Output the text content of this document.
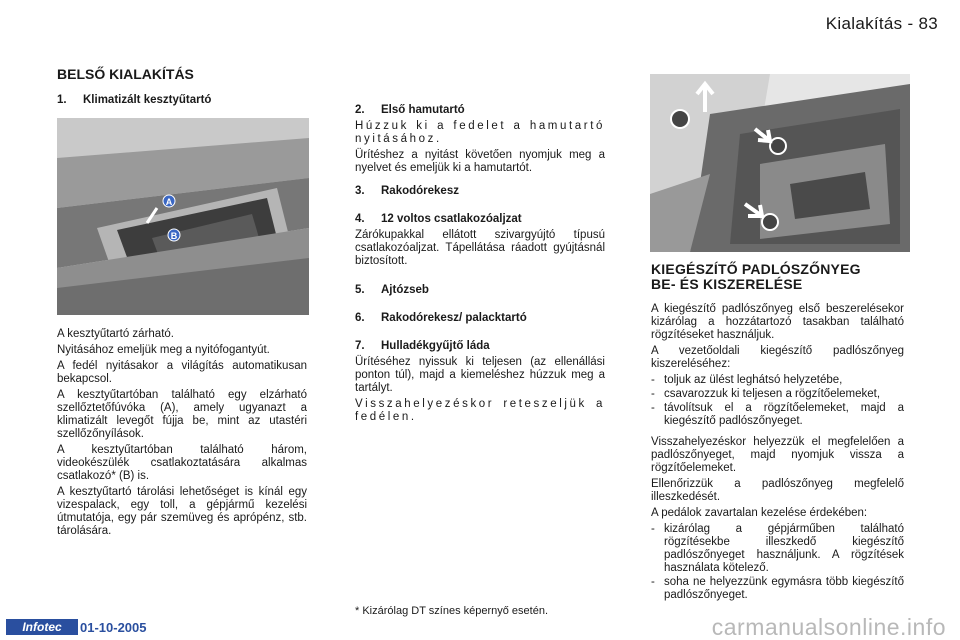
Kialakítás - 83
BELSŐ KIALAKÍTÁS
1. Klimatizált kesztyűtartó
A
B

A kesztyűtartó zárható.

Nyitásához emeljük meg a nyitófogantyút.

A fedél nyitásakor a világítás automatikusan bekapcsol.

A kesztyűtartóban található egy elzárható szellőztetőfúvóka (A), amely ugyanazt a klimatizált levegőt fújja be, mint az utastéri szellőzőnyílások.

A kesztyűtartóban található három, videokészülék csatlakoztatására alkalmas csatlakozó* (B) is.

A kesztyűtartó tárolási lehetőséget is kínál egy vizespalack, egy toll, a gépjármű kezelési útmutatója, egy pár szemüveg és aprópénz, stb. tárolására.

2. Első hamutartó

Húzzuk ki a fedelet a hamutartó nyitásához.

Ürítéshez a nyitást követően nyomjuk meg a nyelvet és emeljük ki a hamutartót.

3. Rakodórekesz
4. 12 voltos csatlakozóaljzat

Zárókupakkal ellátott szivargyújtó típusú csatlakozóaljzat. Tápellátása ráadott gyújtásnál biztosított.

5. Ajtózseb
6. Rakodórekesz/ palacktartó
7. Hulladékgyűjtő láda

Ürítéséhez nyissuk ki teljesen (az ellenállási ponton túl), majd a kiemeléshez húzzuk meg a tartályt.

Visszahelyezéskor reteszeljük a fedélen.

* Kizárólag DT színes képernyő esetén.
KIEGÉSZÍTŐ PADLÓSZŐNYEG
BE- ÉS KISZERELÉSE

A kiegészítő padlószőnyeg első beszerelésekor kizárólag a hozzátartozó tasakban található rögzítéseket használjuk.

A vezetőoldali kiegészítő padlószőnyeg kiszereléséhez:

- toljuk az ülést leghátsó helyzetébe,
- csavarozzuk ki teljesen a rögzítőelemeket,
- távolítsuk el a rögzítőelemeket, majd a kiegészítő padlószőnyeget.

Visszahelyezéskor helyezzük el megfelelően a padlószőnyeget, majd nyomjuk vissza a rögzítőelemeket.

Ellenőrizzük a padlószőnyeg megfelelő illeszkedését.

A pedálok zavartalan kezelése érdekében:

- kizárólag a gépjárműben található rögzítésekbe illeszkedő kiegészítő padlószőnyeget használjunk. A rögzítések használata kötelező.
- soha ne helyezzünk egymásra több kiegészítő padlószőnyeget.
Infotec	01-10-2005	carmanualsonline.info
